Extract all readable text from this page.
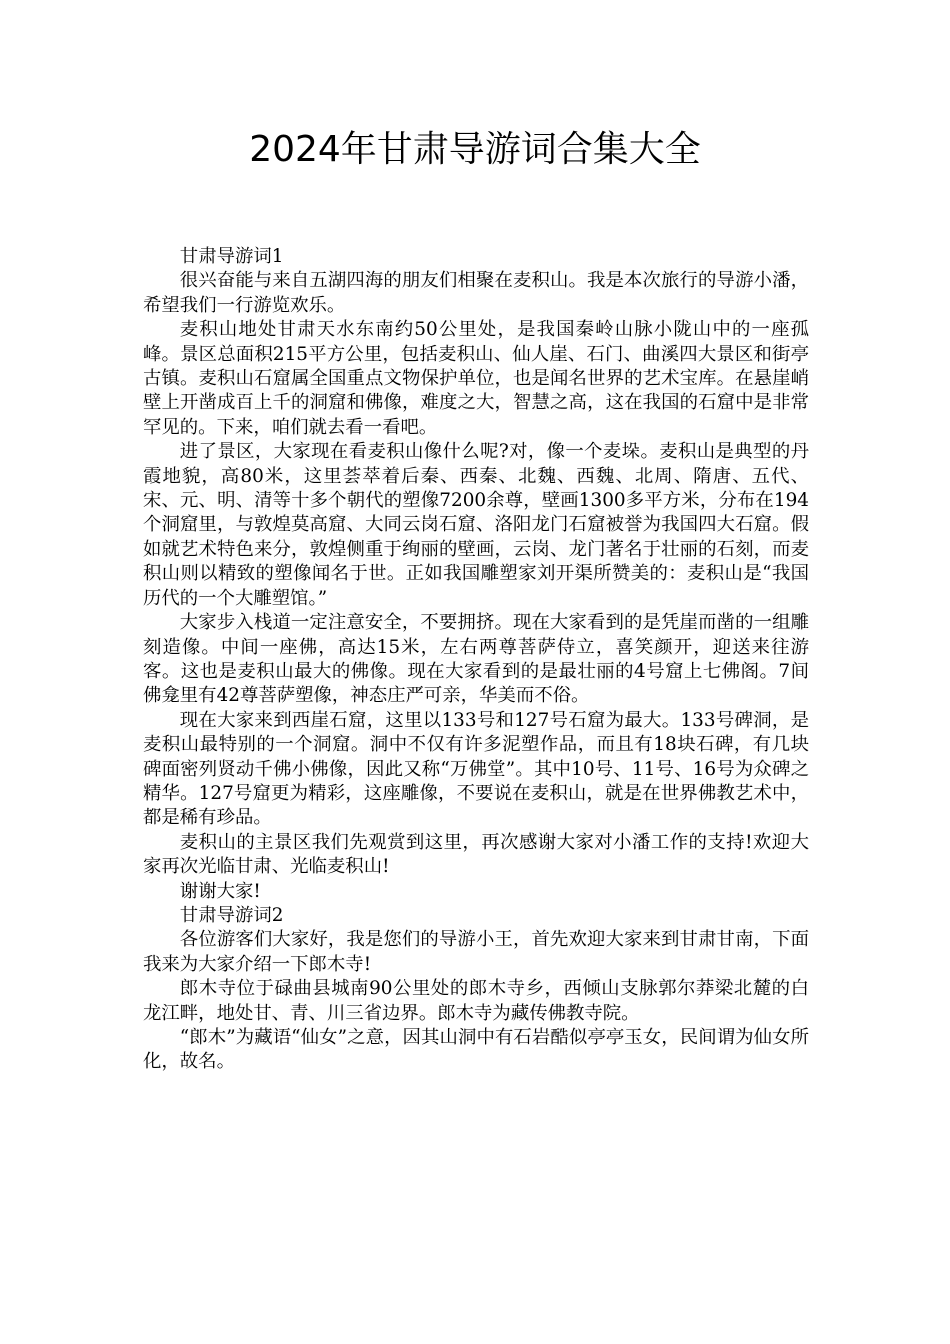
2024年甘肃导游词合集大全

甘肃导游词1

很兴奋能与来自五湖四海的朋友们相聚在麦积山。我是本次旅行的导游小潘，希望我们一行游览欢乐。

麦积山地处甘肃天水东南约50公里处，是我国秦岭山脉小陇山中的一座孤峰。景区总面积215平方公里，包括麦积山、仙人崖、石门、曲溪四大景区和街亭古镇。麦积山石窟属全国重点文物保护单位，也是闻名世界的艺术宝库。在悬崖峭壁上开凿成百上千的洞窟和佛像，难度之大，智慧之高，这在我国的石窟中是非常罕见的。下来，咱们就去看一看吧。

进了景区，大家现在看麦积山像什么呢?对，像一个麦垛。麦积山是典型的丹霞地貌，高80米，这里荟萃着后秦、西秦、北魏、西魏、北周、隋唐、五代、宋、元、明、清等十多个朝代的塑像7200余尊，壁画1300多平方米，分布在194个洞窟里，与敦煌莫高窟、大同云岗石窟、洛阳龙门石窟被誉为我国四大石窟。假如就艺术特色来分，敦煌侧重于绚丽的壁画，云岗、龙门著名于壮丽的石刻，而麦积山则以精致的塑像闻名于世。正如我国雕塑家刘开渠所赞美的：麦积山是“我国历代的一个大雕塑馆。”

大家步入栈道一定注意安全，不要拥挤。现在大家看到的是凭崖而凿的一组雕刻造像。中间一座佛，高达15米，左右两尊菩萨侍立，喜笑颜开，迎送来往游客。这也是麦积山最大的佛像。现在大家看到的是最壮丽的4号窟上七佛阁。7间佛龛里有42尊菩萨塑像，神态庄严可亲，华美而不俗。

现在大家来到西崖石窟，这里以133号和127号石窟为最大。133号碑洞，是麦积山最特别的一个洞窟。洞中不仅有许多泥塑作品，而且有18块石碑，有几块碑面密列贤动千佛小佛像，因此又称“万佛堂”。其中10号、11号、16号为众碑之精华。127号窟更为精彩，这座雕像，不要说在麦积山，就是在世界佛教艺术中，都是稀有珍品。

麦积山的主景区我们先观赏到这里，再次感谢大家对小潘工作的支持!欢迎大家再次光临甘肃、光临麦积山!

谢谢大家!

甘肃导游词2

各位游客们大家好，我是您们的导游小王，首先欢迎大家来到甘肃甘南，下面我来为大家介绍一下郎木寺!

郎木寺位于碌曲县城南90公里处的郎木寺乡，西倾山支脉郭尔莽梁北麓的白龙江畔，地处甘、青、川三省边界。郎木寺为藏传佛教寺院。

“郎木”为藏语“仙女”之意，因其山洞中有石岩酷似亭亭玉女，民间谓为仙女所化，故名。
